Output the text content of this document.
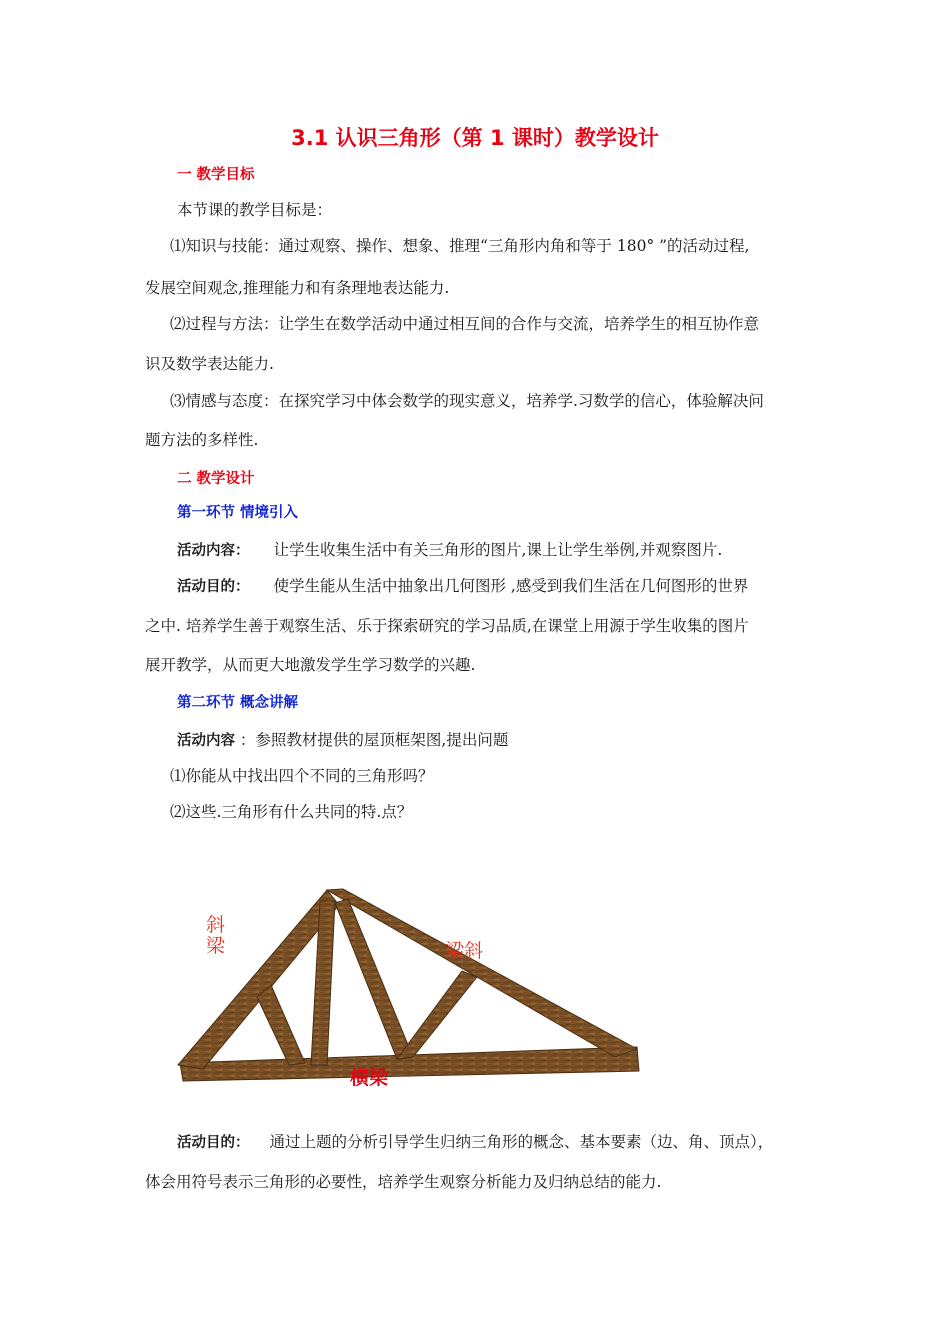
3.1 认识三角形（第 1 课时）教学设计
一 教学目标
本节课的教学目标是：
⑴知识与技能：通过观察、操作、想象、推理“三角形内角和等于 180° ”的活动过程,
发展空间观念,推理能力和有条理地表达能力.
⑵过程与方法：让学生在数学活动中通过相互间的合作与交流，培养学生的相互协作意
识及数学表达能力.
⑶情感与态度：在探究学习中体会数学的现实意义，培养学.习数学的信心，体验解决问
题方法的多样性.
二 教学设计
第一环节 情境引入
活动内容： 让学生收集生活中有关三角形的图片,课上让学生举例,并观察图片.
活动目的： 使学生能从生活中抽象出几何图形 ,感受到我们生活在几何图形的世界
之中. 培养学生善于观察生活、乐于探索研究的学习品质,在课堂上用源于学生收集的图片
展开教学，从而更大地激发学生学习数学的兴趣.
第二环节 概念讲解
活动内容 ：参照教材提供的屋顶框架图,提出问题
⑴你能从中找出四个不同的三角形吗？
⑵这些.三角形有什么共同的特.点？
斜梁	梁斜
横梁
活动目的： 通过上题的分析引导学生归纳三角形的概念、基本要素（边、角、顶点），
体会用符号表示三角形的必要性，培养学生观察分析能力及归纳总结的能力.
